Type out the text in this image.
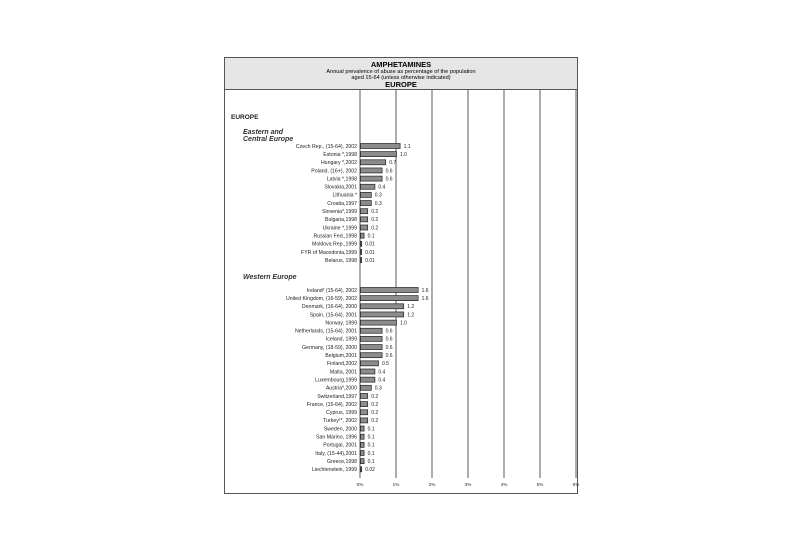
AMPHETAMINES
Annual prevalence of abuse as percentage of the population
aged 15-64 (unless otherwise indicated)
EUROPE
0%	1%	2%	3%	4%	5%	6%
EUROPE
Eastern and
Central Europe
Czech Rep., (15-64), 2002	1.1
Estonia *,1998	1.0
Hungary *,2002	0.7
Poland, (16+), 2002	0.6
Latvia *,1998	0.6
Slovakia,2001	0.4
Lithuania *	0.3
Croatia,1997	0.3
Slovenia*,1999	0.2
Bulgaria,1998	0.2
Ukraine *,1999	0.2
Russian Fed.,1998 0.1
Moldova Rep.,1999 0.01
FYR of Macedonia,1999 0.01
Belarus, 1998 0.01
Western Europe
Ireland² (15-64), 2002	1.6
United Kingdom, (16-59), 2002	1.6
Denmark, (16-64), 2000	1.2
Spain, (15-64), 2001	1.2
Norway, 1999	1.0
Netherlands, (15-64), 2001	0.6
Iceland, 1999	0.6
Germany, (18-59), 2000	0.6
Belgium,2001	0.6
Finland,2002	0.5
Malta, 2001	0.4
Luxembourg,1999	0.4
Austria*,2000	0.3
Switzerland,1997	0.2
France, (15-64), 2002	0.2
Cyprus, 1999	0.2
Turkey¹*, 2002	0.2
Sweden, 2000 0.1
San Marino, 1996 0.1
Portugal, 2001 0.1
Italy, (15-44),2001 0.1
Greece,1998 0.1
Liechtenstein, 1999 0.02
